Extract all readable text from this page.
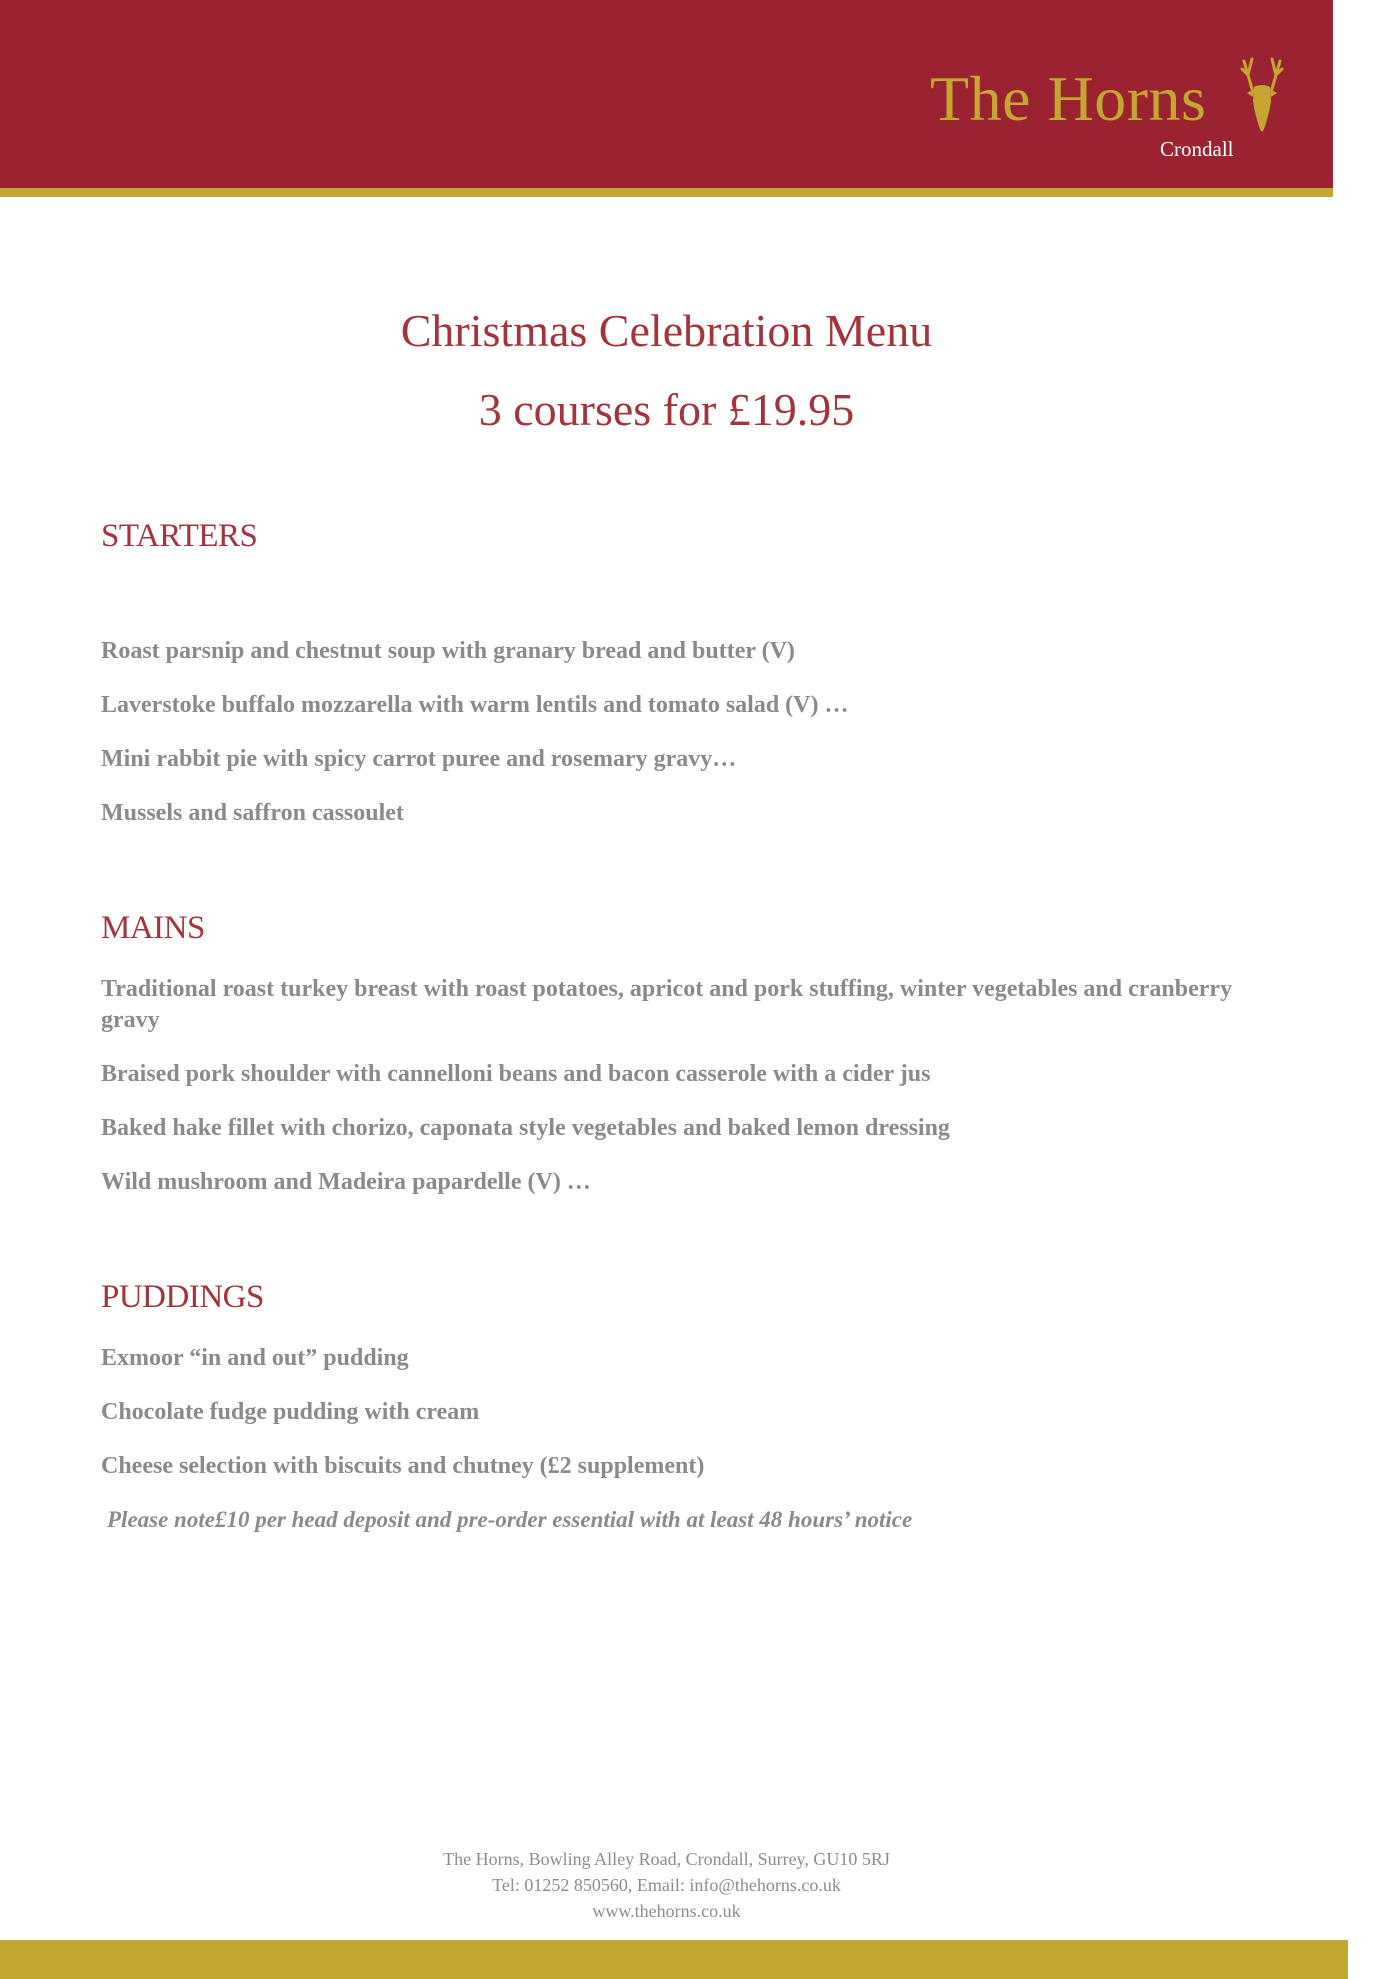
The Horns
Crondall
Christmas Celebration Menu
3 courses for £19.95
STARTERS
Roast parsnip and chestnut soup with granary bread and butter (V)
Laverstoke buffalo mozzarella with warm lentils and tomato salad (V) …
Mini rabbit pie with spicy carrot puree and rosemary gravy…
Mussels and saffron cassoulet
MAINS
Traditional roast turkey breast with roast potatoes, apricot and pork stuffing, winter vegetables and cranberry gravy
Braised pork shoulder with cannelloni beans and bacon casserole with a cider jus
Baked hake fillet with chorizo, caponata style vegetables and baked lemon dressing
Wild mushroom and Madeira papardelle (V) …
PUDDINGS
Exmoor “in and out” pudding
Chocolate fudge pudding with cream
Cheese selection with biscuits and chutney (£2 supplement)
Please note£10 per head deposit and pre-order essential with at least 48 hours’ notice
The Horns, Bowling Alley Road, Crondall, Surrey, GU10 5RJ
Tel: 01252 850560, Email: info@thehorns.co.uk
www.thehorns.co.uk
